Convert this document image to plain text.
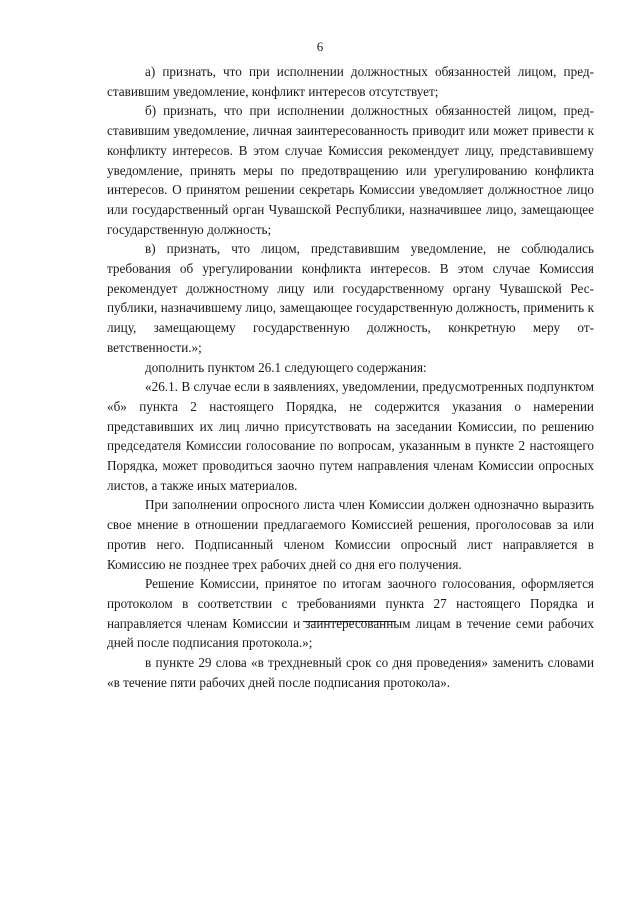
6

а) признать, что при исполнении должностных обязанностей лицом, представившим уведомление, конфликт интересов отсутствует;

б) признать, что при исполнении должностных обязанностей лицом, представившим уведомление, личная заинтересованность приводит или может привести к конфликту интересов. В этом случае Комиссия рекомендует лицу, представившему уведомление, принять меры по предотвращению или урегулированию конфликта интересов. О принятом решении секретарь Комиссии уведомляет должностное лицо или государственный орган Чувашской Республики, назначившее лицо, замещающее государственную должность;

в) признать, что лицом, представившим уведомление, не соблюдались требования об урегулировании конфликта интересов. В этом случае Комиссия рекомендует должностному лицу или государственному органу Чувашской Республики, назначившему лицо, замещающее государственную должность, применить к лицу, замещающему государственную должность, конкретную меру ответственности.»;

дополнить пунктом 26.1 следующего содержания:

«26.1. В случае если в заявлениях, уведомлении, предусмотренных подпунктом «б» пункта 2 настоящего Порядка, не содержится указания о намерении представивших их лиц лично присутствовать на заседании Комиссии, по решению председателя Комиссии голосование по вопросам, указанным в пункте 2 настоящего Порядка, может проводиться заочно путем направления членам Комиссии опросных листов, а также иных материалов.

При заполнении опросного листа член Комиссии должен однозначно выразить свое мнение в отношении предлагаемого Комиссией решения, проголосовав за или против него. Подписанный членом Комиссии опросный лист направляется в Комиссию не позднее трех рабочих дней со дня его получения.

Решение Комиссии, принятое по итогам заочного голосования, оформляется протоколом в соответствии с требованиями пункта 27 настоящего Порядка и направляется членам Комиссии и заинтересованным лицам в течение семи рабочих дней после подписания протокола.»;

в пункте 29 слова «в трехдневный срок со дня проведения» заменить словами «в течение пяти рабочих дней после подписания протокола».
